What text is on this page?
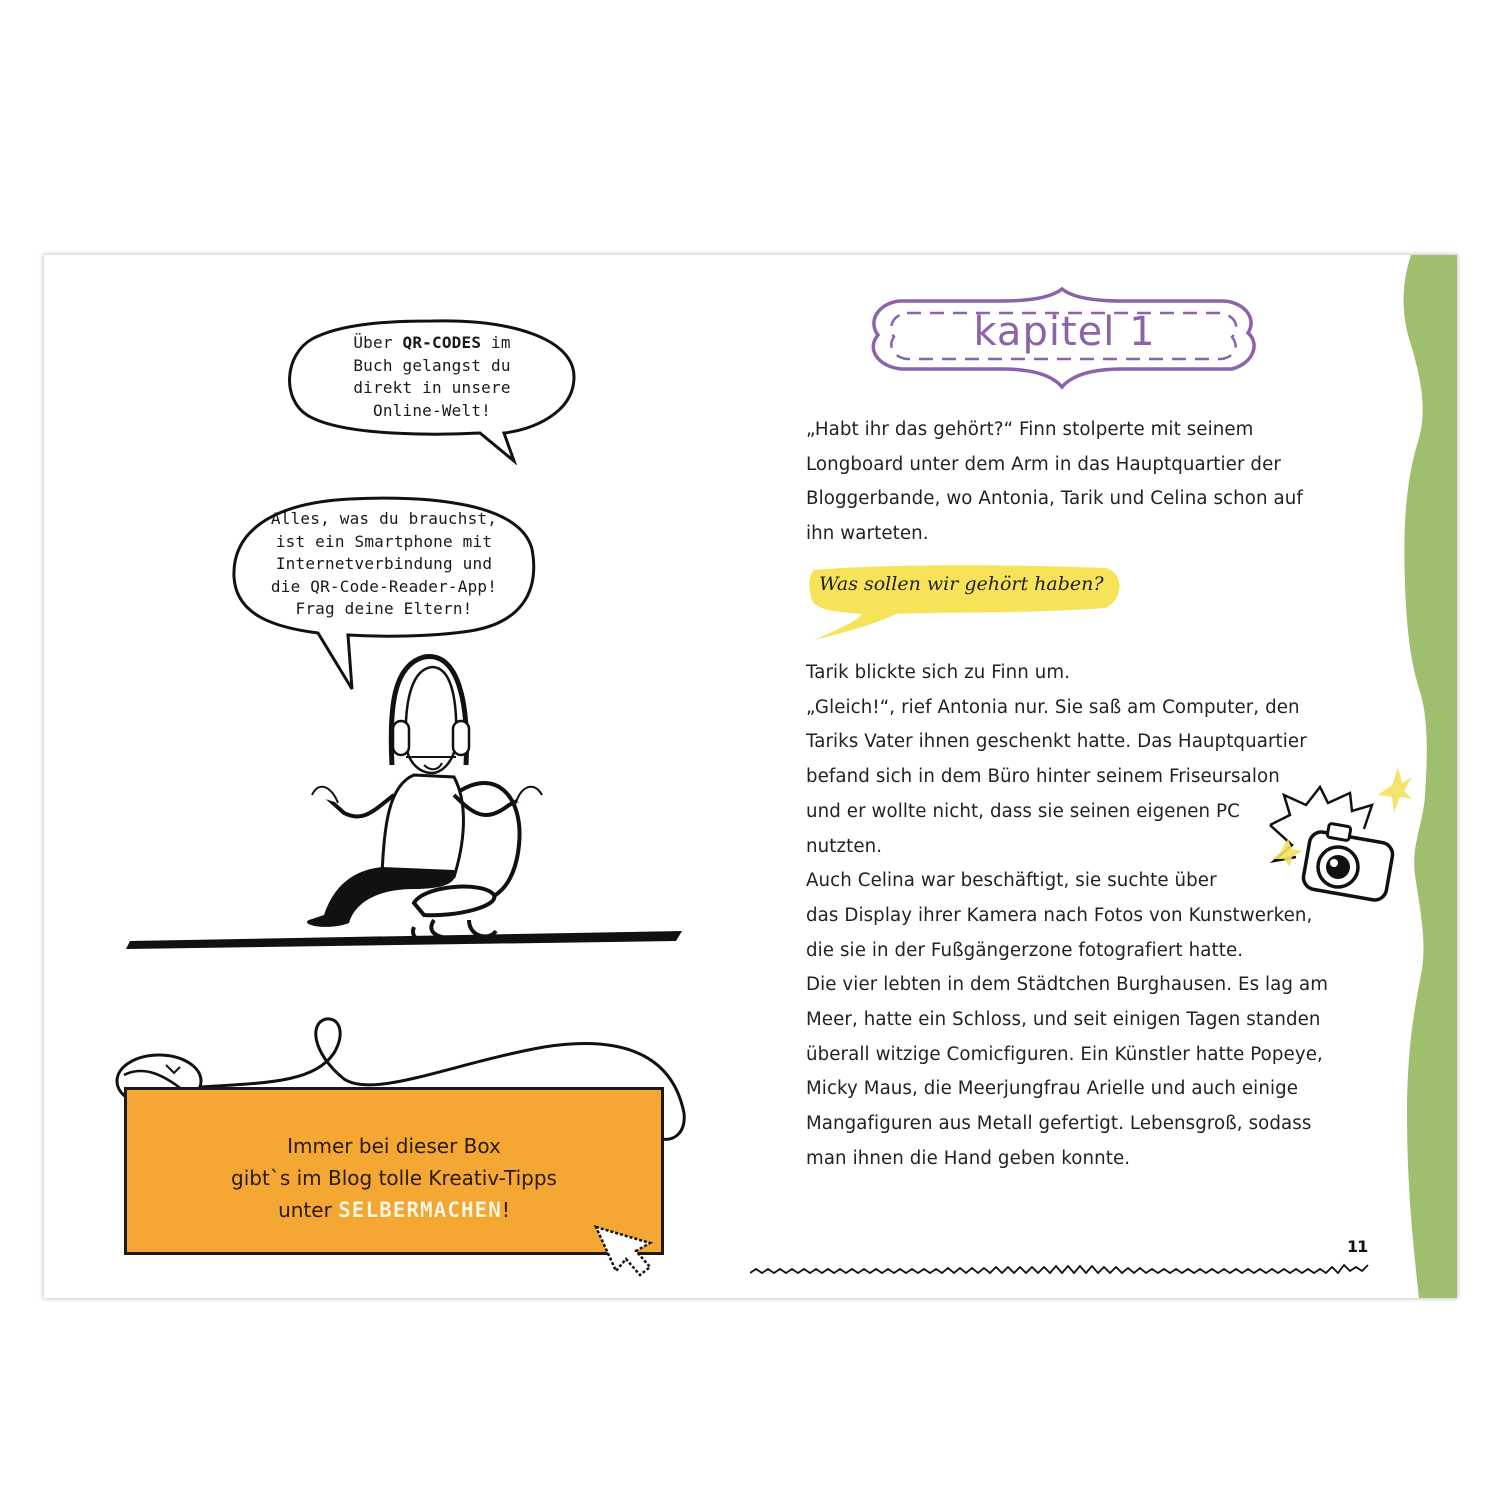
Über QR-CODES im
Buch gelangst du
direkt in unsere
Online-Welt!
Alles, was du brauchst,
ist ein Smartphone mit
Internetverbindung und
die QR-Code-Reader-App!
Frag deine Eltern!
Immer bei dieser Box
gibt`s im Blog tolle Kreativ-Tipps
unter SELBERMACHEN!
kapitel 1
„Habt ihr das gehört?“ Finn stolperte mit seinem
Longboard unter dem Arm in das Hauptquartier der
Bloggerbande, wo Antonia, Tarik und Celina schon auf
ihn warteten.
Was sollen wir gehört haben?
Tarik blickte sich zu Finn um.
„Gleich!“, rief Antonia nur. Sie saß am Computer, den
Tariks Vater ihnen geschenkt hatte. Das Hauptquartier
befand sich in dem Büro hinter seinem Friseursalon
und er wollte nicht, dass sie seinen eigenen PC
nutzten.
Auch Celina war beschäftigt, sie suchte über
das Display ihrer Kamera nach Fotos von Kunstwerken,
die sie in der Fußgängerzone fotografiert hatte.
Die vier lebten in dem Städtchen Burghausen. Es lag am
Meer, hatte ein Schloss, und seit einigen Tagen standen
überall witzige Comicfiguren. Ein Künstler hatte Popeye,
Micky Maus, die Meerjungfrau Arielle und auch einige
Mangafiguren aus Metall gefertigt. Lebensgroß, sodass
man ihnen die Hand geben konnte.
11
